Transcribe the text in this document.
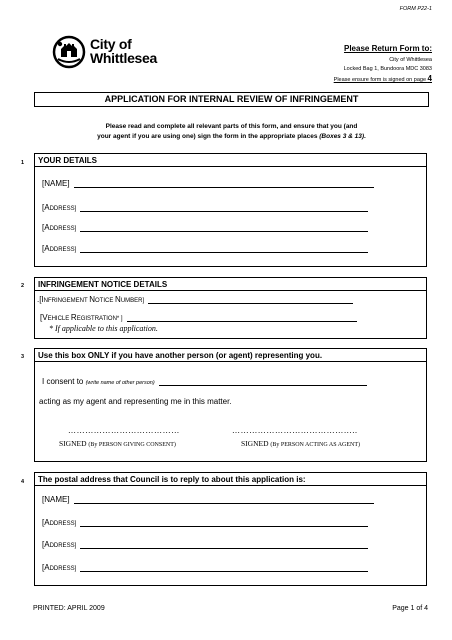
FORM P22-1
City of
Whittlesea
Please Return Form to:
City of Whittlesea
Locked Bag 1, Bundoora MDC 3083
Please ensure form is signed on page 4
APPLICATION FOR INTERNAL REVIEW OF INFRINGEMENT
Please read and complete all relevant parts of this form, and ensure that you (and
your agent if you are using one) sign the form in the appropriate places (Boxes 3 & 13).
1	YOUR DETAILS
[NAME]
[ADDRESS]
[ADDRESS]
[ADDRESS]
2	INFRINGEMENT NOTICE DETAILS
.[INFRINGEMENT NOTICE NUMBER]
[VEHICLE REGISTRATION* ]
* If applicable to this application.
3	Use this box ONLY if you have another person (or agent) representing you.
I consent to (write name of other person)
acting as my agent and representing me in this matter.
…………………………………	……………………………………..
SIGNED (By PERSON GIVING CONSENT)	SIGNED (By PERSON ACTING AS AGENT)
4	The postal address that Council is to reply to about this application is:
[NAME]
[ADDRESS]
[ADDRESS]
[ADDRESS]
PRINTED: APRIL 2009	Page 1 of 4
